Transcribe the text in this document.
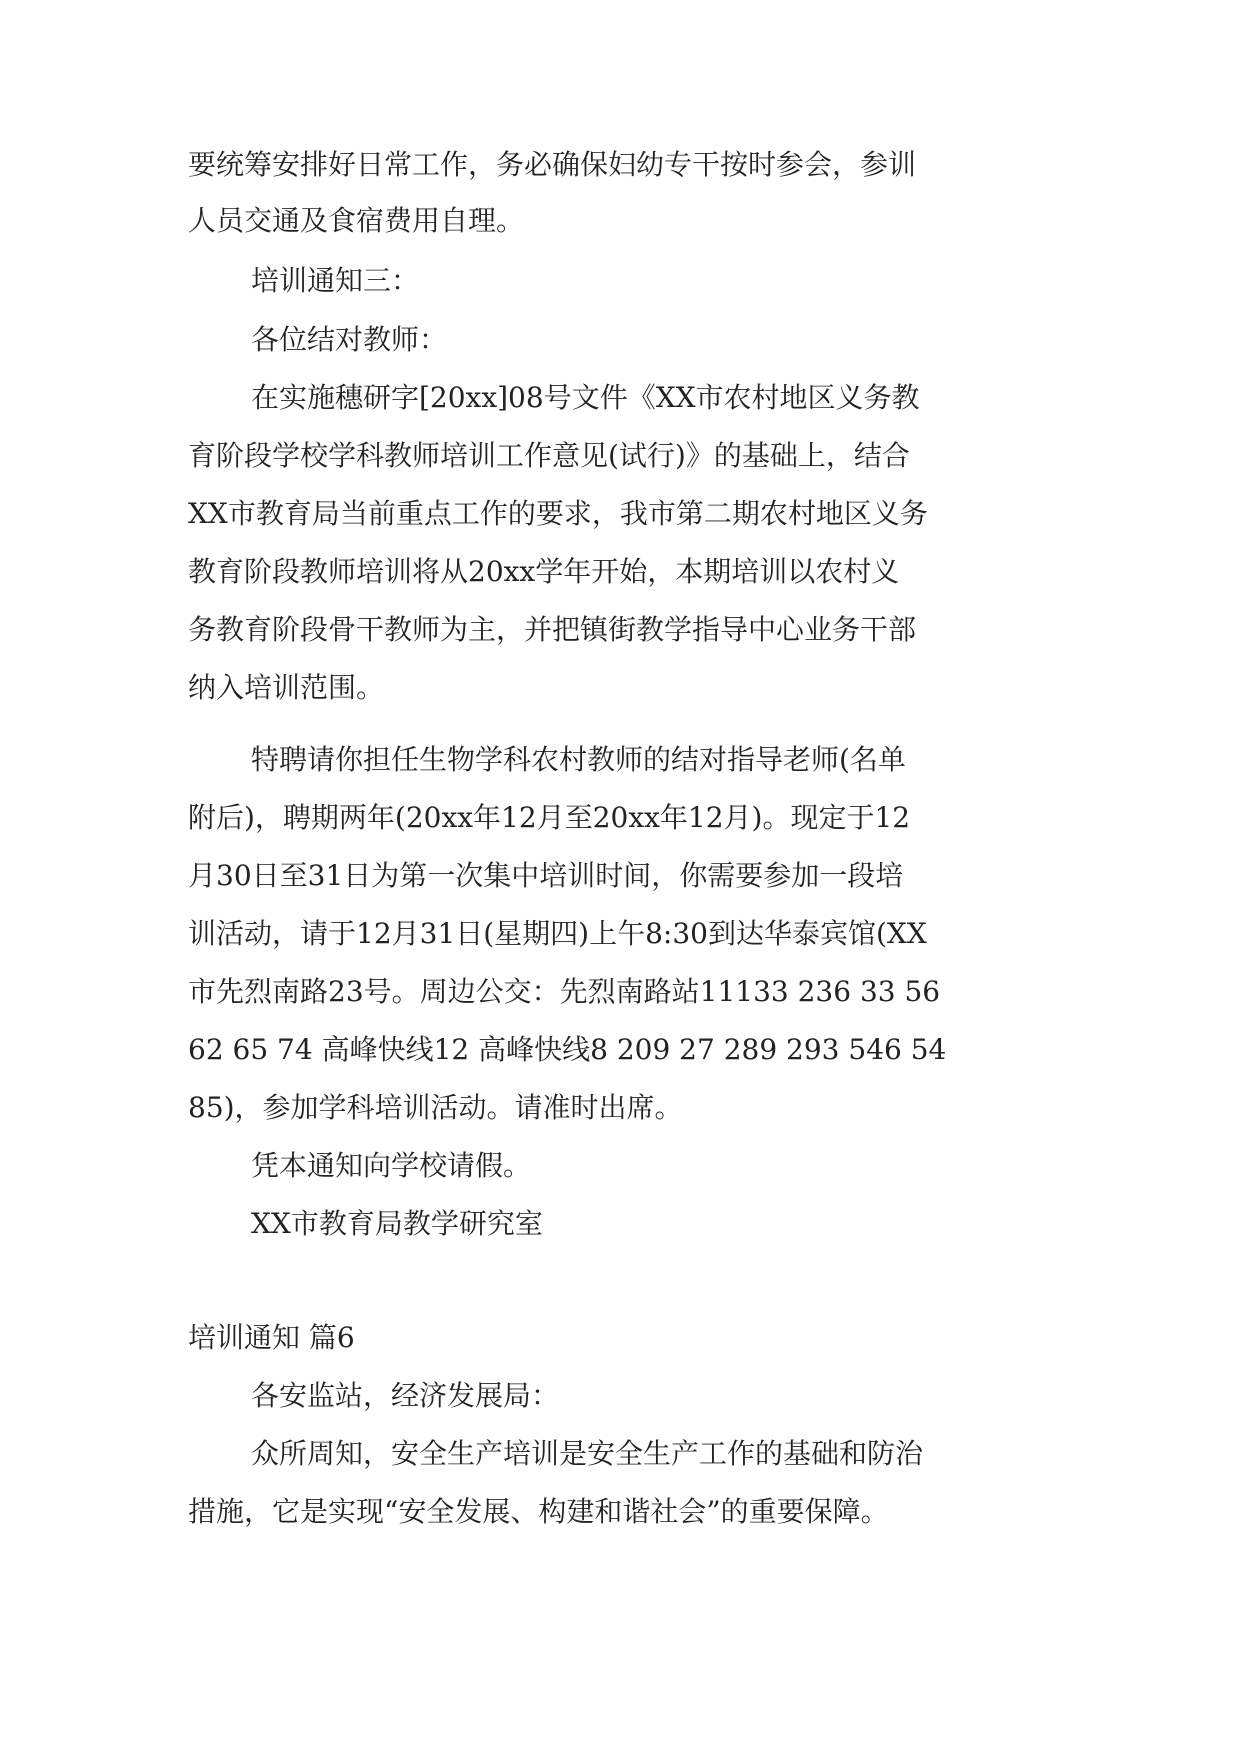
要统筹安排好日常工作，务必确保妇幼专干按时参会，参训
人员交通及食宿费用自理。
培训通知三：
各位结对教师：
在实施穗研字[20xx]08号文件《XX市农村地区义务教
育阶段学校学科教师培训工作意见(试行)》的基础上，结合
XX市教育局当前重点工作的要求，我市第二期农村地区义务
教育阶段教师培训将从20xx学年开始，本期培训以农村义
务教育阶段骨干教师为主，并把镇街教学指导中心业务干部
纳入培训范围。
特聘请你担任生物学科农村教师的结对指导老师(名单
附后)，聘期两年(20xx年12月至20xx年12月)。现定于12
月30日至31日为第一次集中培训时间，你需要参加一段培
训活动，请于12月31日(星期四)上午8:30到达华泰宾馆(XX
市先烈南路23号。周边公交：先烈南路站11133 236 33 56
62 65 74 高峰快线12 高峰快线8 209 27 289 293 546 54
85)，参加学科培训活动。请准时出席。
凭本通知向学校请假。
XX市教育局教学研究室
培训通知 篇6
各安监站，经济发展局：
众所周知，安全生产培训是安全生产工作的基础和防治
措施，它是实现“安全发展、构建和谐社会”的重要保障。
